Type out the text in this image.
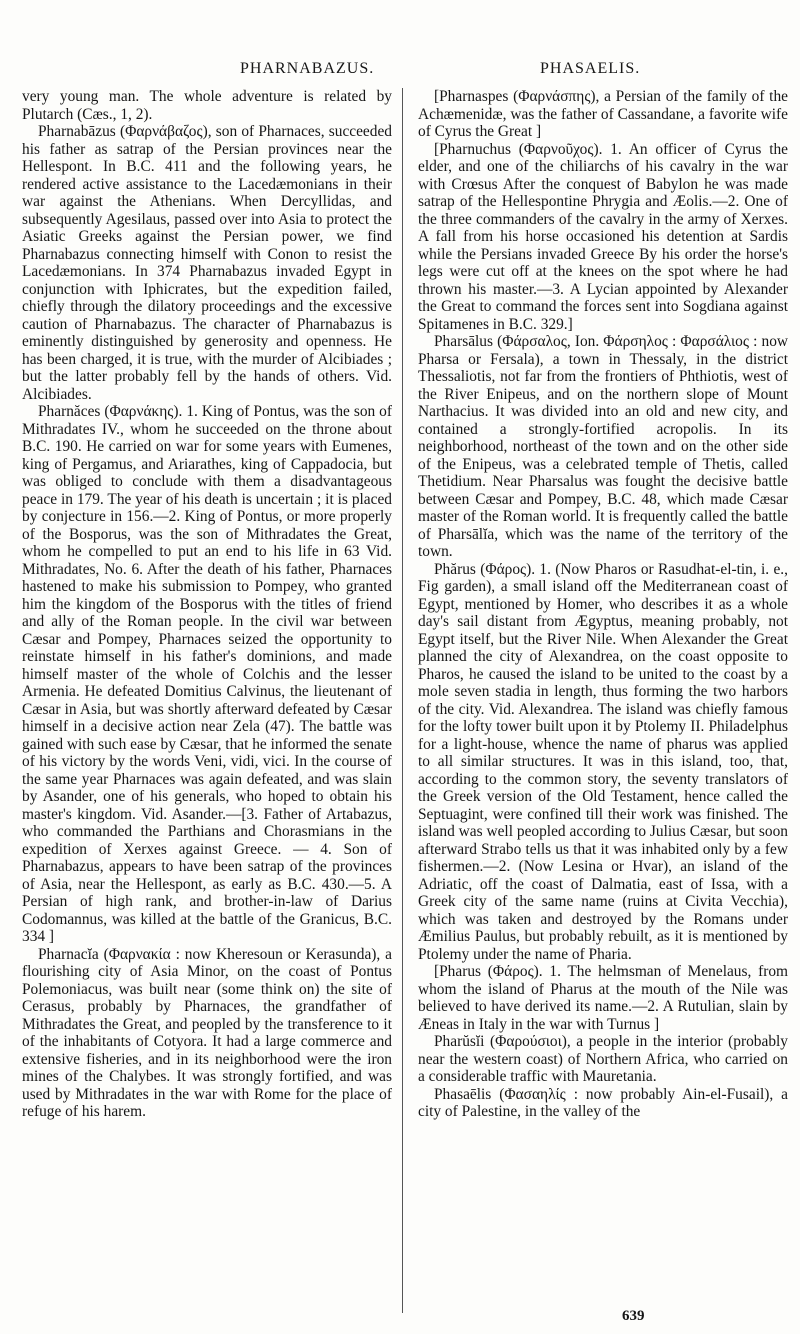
PHARNABAZUS.	PHASAELIS.

very young man. The whole adventure is related by Plutarch (Cæs., 1, 2).

Pharnabāzus (Φαρνάβαζος), son of Pharnaces, succeeded his father as satrap of the Persian provinces near the Hellespont. In B.C. 411 and the following years, he rendered active assistance to the Lacedæmonians in their war against the Athenians. When Dercyllidas, and subsequently Agesilaus, passed over into Asia to protect the Asiatic Greeks against the Persian power, we find Pharnabazus connecting himself with Conon to resist the Lacedæmonians. In 374 Pharnabazus invaded Egypt in conjunction with Iphicrates, but the expedition failed, chiefly through the dilatory proceedings and the excessive caution of Pharnabazus. The character of Pharnabazus is eminently distinguished by generosity and openness. He has been charged, it is true, with the murder of Alcibiades ; but the latter probably fell by the hands of others. Vid. Alcibiades.

Pharnăces (Φαρνάκης). 1. King of Pontus, was the son of Mithradates IV., whom he succeeded on the throne about B.C. 190. He carried on war for some years with Eumenes, king of Pergamus, and Ariarathes, king of Cappadocia, but was obliged to conclude with them a disadvantageous peace in 179. The year of his death is uncertain ; it is placed by conjecture in 156.—2. King of Pontus, or more properly of the Bosporus, was the son of Mithradates the Great, whom he compelled to put an end to his life in 63 Vid. Mithradates, No. 6. After the death of his father, Pharnaces hastened to make his submission to Pompey, who granted him the kingdom of the Bosporus with the titles of friend and ally of the Roman people. In the civil war between Cæsar and Pompey, Pharnaces seized the opportunity to reinstate himself in his father's dominions, and made himself master of the whole of Colchis and the lesser Armenia. He defeated Domitius Calvinus, the lieutenant of Cæsar in Asia, but was shortly afterward defeated by Cæsar himself in a decisive action near Zela (47). The battle was gained with such ease by Cæsar, that he informed the senate of his victory by the words Veni, vidi, vici. In the course of the same year Pharnaces was again defeated, and was slain by Asander, one of his generals, who hoped to obtain his master's kingdom. Vid. Asander.—[3. Father of Artabazus, who commanded the Parthians and Chorasmians in the expedition of Xerxes against Greece. — 4. Son of Pharnabazus, appears to have been satrap of the provinces of Asia, near the Hellespont, as early as B.C. 430.—5. A Persian of high rank, and brother-in-law of Darius Codomannus, was killed at the battle of the Granicus, B.C. 334 ]

Pharnacĭa (Φαρνακία : now Kheresoun or Kerasunda), a flourishing city of Asia Minor, on the coast of Pontus Polemoniacus, was built near (some think on) the site of Cerasus, probably by Pharnaces, the grandfather of Mithradates the Great, and peopled by the transference to it of the inhabitants of Cotyora. It had a large commerce and extensive fisheries, and in its neighborhood were the iron mines of the Chalybes. It was strongly fortified, and was used by Mithradates in the war with Rome for the place of refuge of his harem.

[Pharnaspes (Φαρνάσπης), a Persian of the family of the Achæmenidæ, was the father of Cassandane, a favorite wife of Cyrus the Great ]

[Pharnuchus (Φαρνοῦχος). 1. An officer of Cyrus the elder, and one of the chiliarchs of his cavalry in the war with Crœsus After the conquest of Babylon he was made satrap of the Hellespontine Phrygia and Æolis.—2. One of the three commanders of the cavalry in the army of Xerxes. A fall from his horse occasioned his detention at Sardis while the Persians invaded Greece By his order the horse's legs were cut off at the knees on the spot where he had thrown his master.—3. A Lycian appointed by Alexander the Great to command the forces sent into Sogdiana against Spitamenes in B.C. 329.]

Pharsālus (Φάρσαλος, Ion. Φάρσηλος : Φαρσάλιος : now Pharsa or Fersala), a town in Thessaly, in the district Thessaliotis, not far from the frontiers of Phthiotis, west of the River Enipeus, and on the northern slope of Mount Narthacius. It was divided into an old and new city, and contained a strongly-fortified acropolis. In its neighborhood, northeast of the town and on the other side of the Enipeus, was a celebrated temple of Thetis, called Thetidium. Near Pharsalus was fought the decisive battle between Cæsar and Pompey, B.C. 48, which made Cæsar master of the Roman world. It is frequently called the battle of Pharsālĭa, which was the name of the territory of the town.

Phărus (Φάρος). 1. (Now Pharos or Rasudhat-el-tin, i. e., Fig garden), a small island off the Mediterranean coast of Egypt, mentioned by Homer, who describes it as a whole day's sail distant from Ægyptus, meaning probably, not Egypt itself, but the River Nile. When Alexander the Great planned the city of Alexandrea, on the coast opposite to Pharos, he caused the island to be united to the coast by a mole seven stadia in length, thus forming the two harbors of the city. Vid. Alexandrea. The island was chiefly famous for the lofty tower built upon it by Ptolemy II. Philadelphus for a light-house, whence the name of pharus was applied to all similar structures. It was in this island, too, that, according to the common story, the seventy translators of the Greek version of the Old Testament, hence called the Septuagint, were confined till their work was finished. The island was well peopled according to Julius Cæsar, but soon afterward Strabo tells us that it was inhabited only by a few fishermen.—2. (Now Lesina or Hvar), an island of the Adriatic, off the coast of Dalmatia, east of Issa, with a Greek city of the same name (ruins at Civita Vecchia), which was taken and destroyed by the Romans under Æmilius Paulus, but probably rebuilt, as it is mentioned by Ptolemy under the name of Pharia.

[Pharus (Φάρος). 1. The helmsman of Menelaus, from whom the island of Pharus at the mouth of the Nile was believed to have derived its name.—2. A Rutulian, slain by Æneas in Italy in the war with Turnus ]

Pharŭsĭi (Φαρούσιοι), a people in the interior (probably near the western coast) of Northern Africa, who carried on a considerable traffic with Mauretania.

Phasaēlis (Φασαηλίς : now probably Ain-el-Fusail), a city of Palestine, in the valley of the

639
